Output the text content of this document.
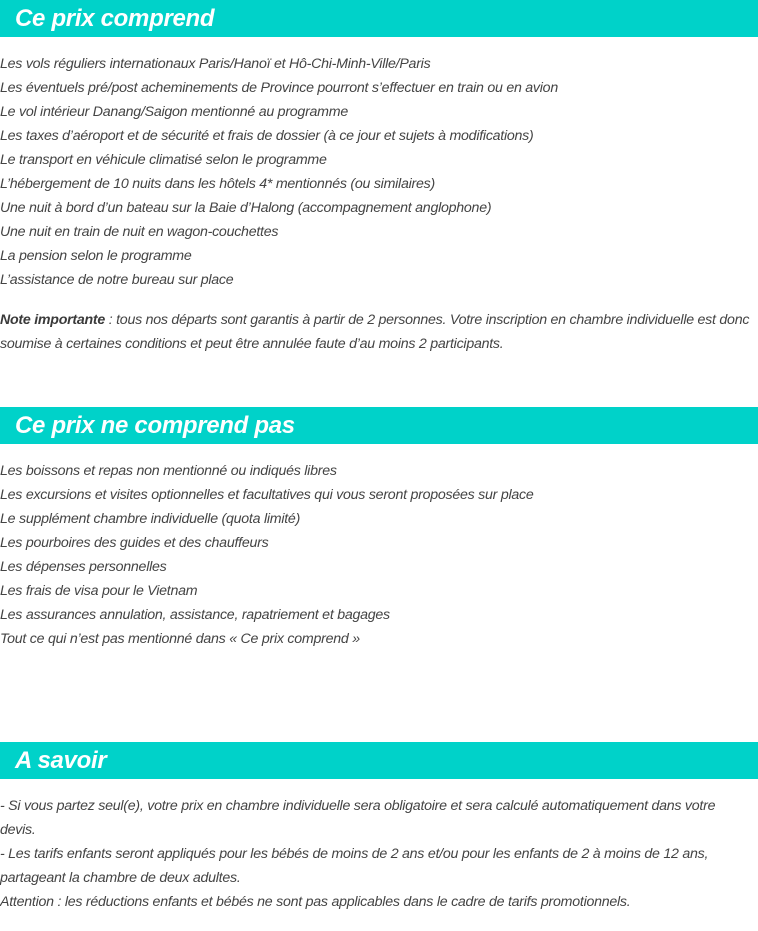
Ce prix comprend
Les vols réguliers internationaux Paris/Hanoï et Hô-Chi-Minh-Ville/Paris
Les éventuels pré/post acheminements de Province pourront s’effectuer en train ou en avion
Le vol intérieur Danang/Saigon mentionné au programme
Les taxes d’aéroport et de sécurité et frais de dossier (à ce jour et sujets à modifications)
Le transport en véhicule climatisé selon le programme
L’hébergement de 10 nuits dans les hôtels 4* mentionnés (ou similaires)
Une nuit à bord d’un bateau sur la Baie d’Halong (accompagnement anglophone)
Une nuit en train de nuit en wagon-couchettes
La pension selon le programme
L’assistance de notre bureau sur place

Note importante : tous nos départs sont garantis à partir de 2 personnes. Votre inscription en chambre individuelle est donc soumise à certaines conditions et peut être annulée faute d’au moins 2 participants.

Ce prix ne comprend pas
Les boissons et repas non mentionné ou indiqués libres
Les excursions et visites optionnelles et facultatives qui vous seront proposées sur place
Le supplément chambre individuelle (quota limité)
Les pourboires des guides et des chauffeurs
Les dépenses personnelles
Les frais de visa pour le Vietnam
Les assurances annulation, assistance, rapatriement et bagages
Tout ce qui n’est pas mentionné dans « Ce prix comprend »
A savoir

- Si vous partez seul(e), votre prix en chambre individuelle sera obligatoire et sera calculé automatiquement dans votre devis.

- Les tarifs enfants seront appliqués pour les bébés de moins de 2 ans et/ou pour les enfants de 2 à moins de 12 ans, partageant la chambre de deux adultes.

Attention : les réductions enfants et bébés ne sont pas applicables dans le cadre de tarifs promotionnels.
